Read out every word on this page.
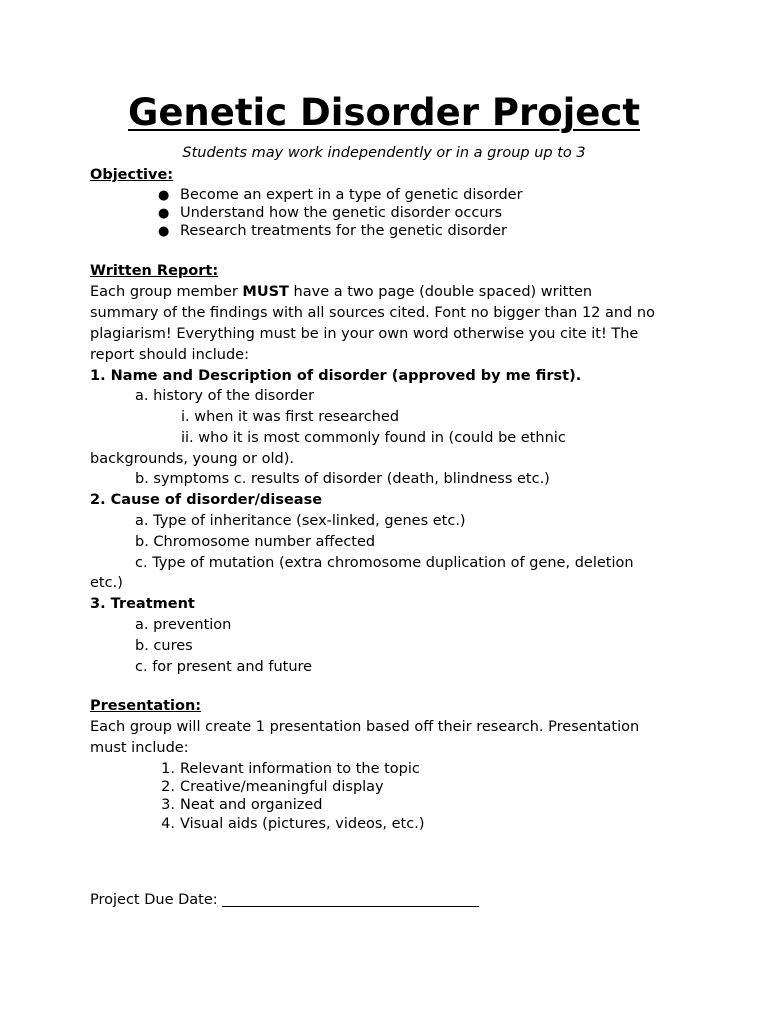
Genetic Disorder Project
Students may work independently or in a group up to 3
Objective:
● Become an expert in a type of genetic disorder
● Understand how the genetic disorder occurs
● Research treatments for the genetic disorder
Written Report:
Each group member MUST have a two page (double spaced) written
summary of the findings with all sources cited. Font no bigger than 12 and no
plagiarism! Everything must be in your own word otherwise you cite it! The
report should include:
1. Name and Description of disorder (approved by me first).
a. history of the disorder
i. when it was first researched
ii. who it is most commonly found in (could be ethnic
backgrounds, young or old).
b. symptoms c. results of disorder (death, blindness etc.)
2. Cause of disorder/disease
a. Type of inheritance (sex-linked, genes etc.)
b. Chromosome number affected
c. Type of mutation (extra chromosome duplication of gene, deletion
etc.)
3. Treatment
a. prevention
b. cures
c. for present and future
Presentation:
Each group will create 1 presentation based off their research. Presentation
must include:
1. Relevant information to the topic
2. Creative/meaningful display
3. Neat and organized
4. Visual aids (pictures, videos, etc.)
Project Due Date:
